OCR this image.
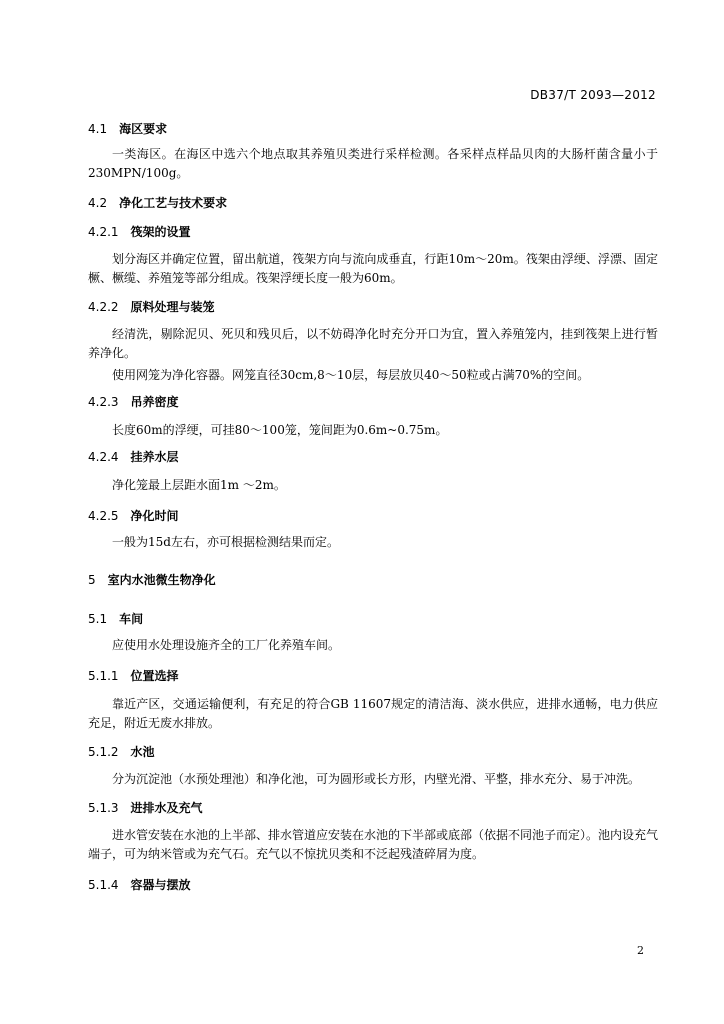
DB37/T 2093—2012
4.1 海区要求
一类海区。在海区中选六个地点取其养殖贝类进行采样检测。各采样点样品贝肉的大肠杆菌含量小于230MPN/100g。
4.2 净化工艺与技术要求
4.2.1 筏架的设置
划分海区并确定位置，留出航道，筏架方向与流向成垂直，行距10m～20m。筏架由浮绠、浮漂、固定橛、橛缆、养殖笼等部分组成。筏架浮绠长度一般为60m。
4.2.2 原料处理与装笼
经清洗，剔除泥贝、死贝和残贝后，以不妨碍净化时充分开口为宜，置入养殖笼内，挂到筏架上进行暂养净化。
使用网笼为净化容器。网笼直径30cm,8～10层，每层放贝40～50粒或占满70%的空间。
4.2.3 吊养密度
长度60m的浮绠，可挂80～100笼，笼间距为0.6m~0.75m。
4.2.4 挂养水层
净化笼最上层距水面1m ～2m。
4.2.5 净化时间
一般为15d左右，亦可根据检测结果而定。
5 室内水池微生物净化
5.1 车间
应使用水处理设施齐全的工厂化养殖车间。
5.1.1 位置选择
靠近产区，交通运输便利，有充足的符合GB 11607规定的清洁海、淡水供应，进排水通畅，电力供应充足，附近无废水排放。
5.1.2 水池
分为沉淀池（水预处理池）和净化池，可为圆形或长方形，内壁光滑、平整，排水充分、易于冲洗。
5.1.3 进排水及充气
进水管安装在水池的上半部、排水管道应安装在水池的下半部或底部（依据不同池子而定）。池内设充气端子，可为纳米管或为充气石。充气以不惊扰贝类和不泛起残渣碎屑为度。
5.1.4 容器与摆放
2
